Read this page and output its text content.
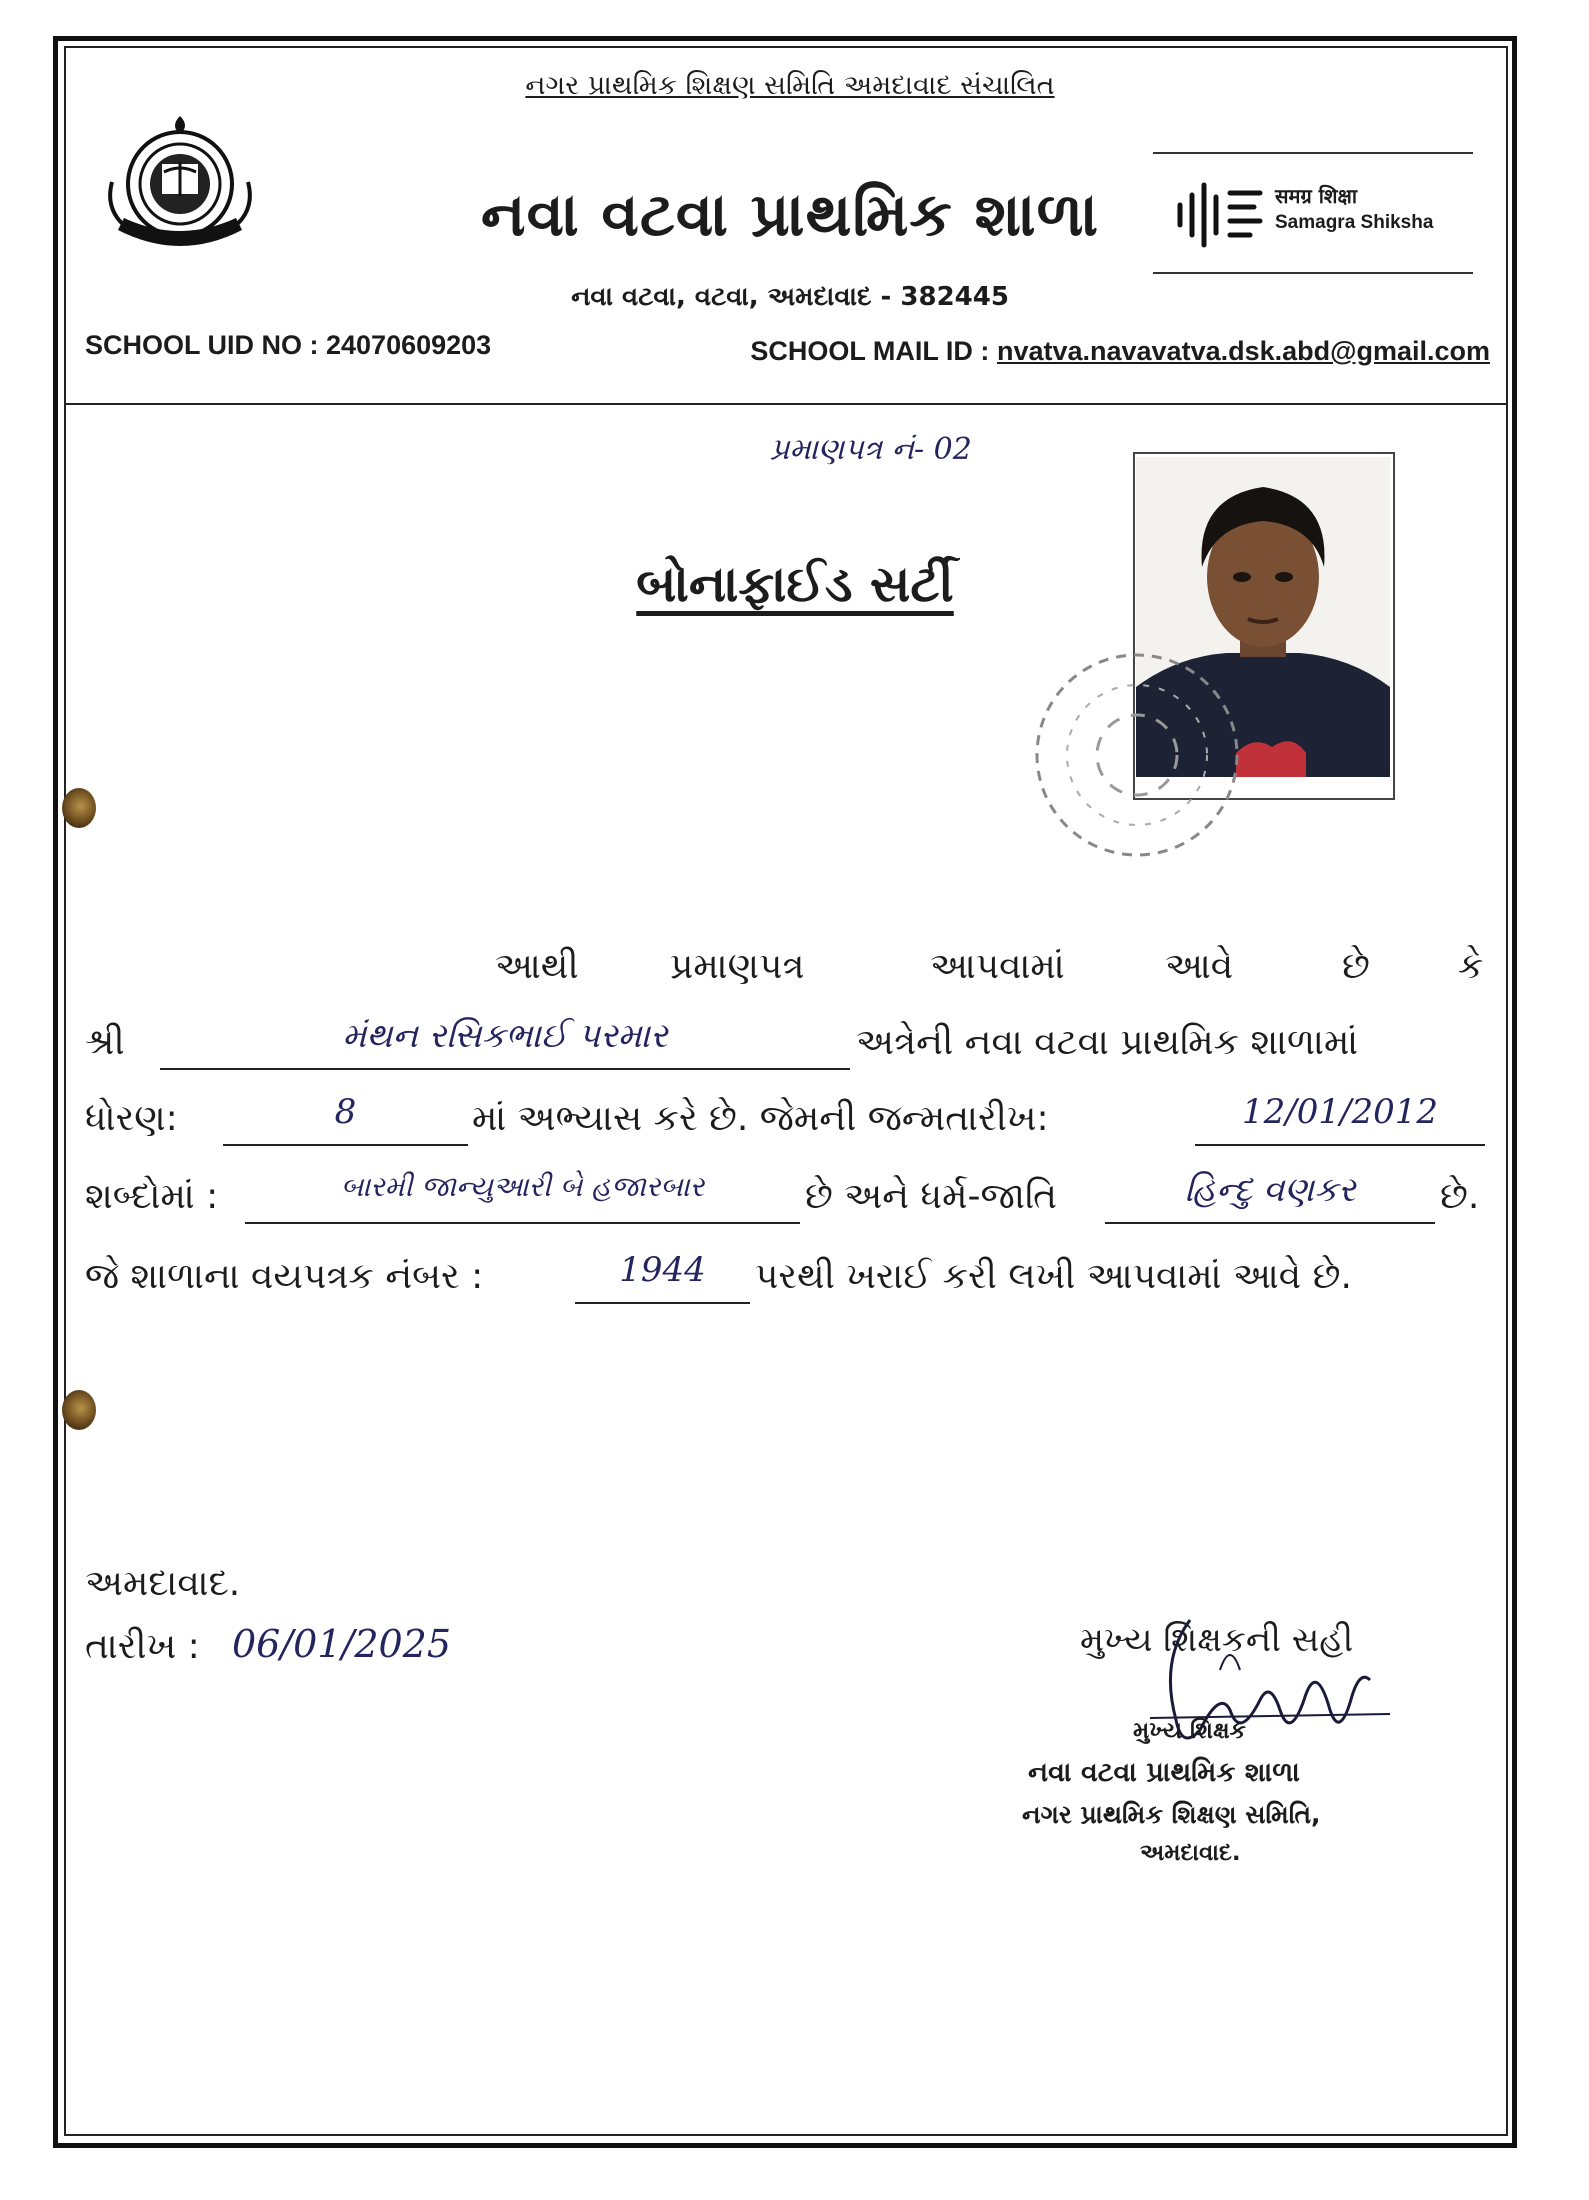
નગર પ્રાથમિક શિક્ષણ સમિતિ અમદાવાદ સંચાલિત
નવા વટવા પ્રાથમિક શાળા
નવા વટવા, વટવા, અમદાવાદ - 382445
समग्र शिक्षा
Samagra Shiksha
SCHOOL UID NO : 24070609203	SCHOOL MAIL ID : nvatva.navavatva.dsk.abd@gmail.com
પ્રમાણપત્ર નં- 02
બોનાફાઈડ સર્ટી
આથી	પ્રમાણપત્ર	આપવામાં	આવે	છે કે
શ્રી	મંથન રસિકભાઈ પરમાર	અત્રેની નવા વટવા પ્રાથમિક શાળામાં
ધોરણ:	8	માં અભ્યાસ કરે છે. જેમની જન્મતારીખ:	12/01/2012
શબ્દોમાં :	બારમી જાન્યુઆરી બે હજારબાર	છે અને ધર્મ-જાતિ	હિન્દુ વણકર	છે.
જે શાળાના વયપત્રક નંબર :	1944	પરથી ખરાઈ કરી લખી આપવામાં આવે છે.
અમદાવાદ.
તારીખ : 06/01/2025	મુખ્ય શિક્ષકની સહી
મુખ્ય શિક્ષક
નવા વટવા પ્રાથમિક શાળા
નગર પ્રાથમિક શિક્ષણ સમિતિ,
અમદાવાદ.
